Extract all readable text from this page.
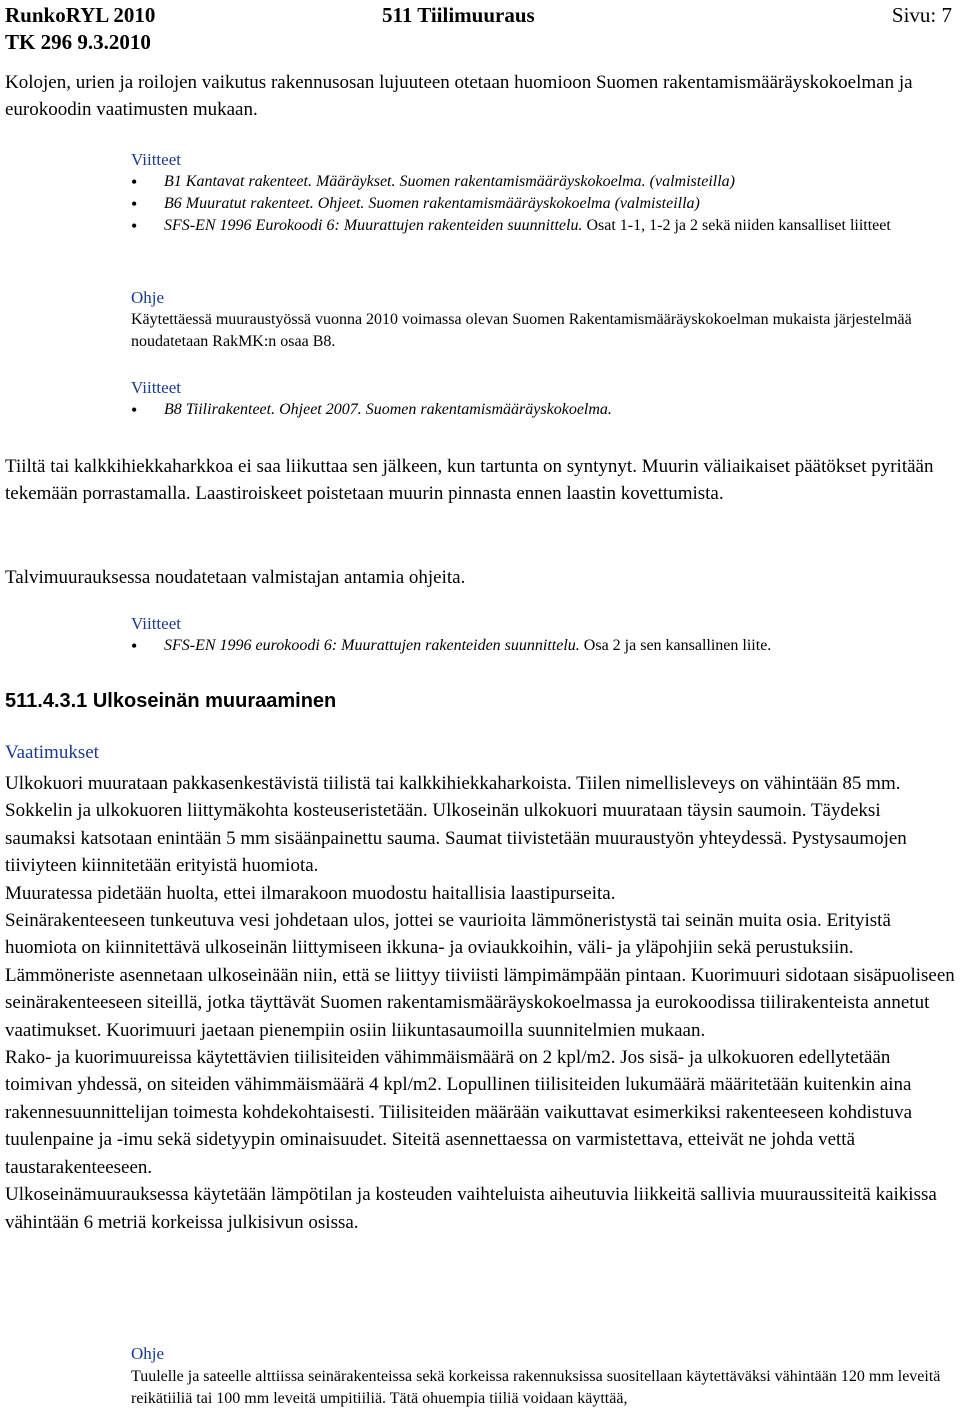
RunkoRYL 2010	511 Tiilimuuraus	Sivu: 7
TK 296 9.3.2010
Kolojen, urien ja roilojen vaikutus rakennusosan lujuuteen otetaan huomioon Suomen rakentamismääräyskokoelman ja eurokoodin vaatimusten mukaan.
Viitteet
• B1 Kantavat rakenteet. Määräykset. Suomen rakentamismääräyskokoelma. (valmisteilla)
• B6 Muuratut rakenteet. Ohjeet. Suomen rakentamismääräyskokoelma (valmisteilla)
• SFS-EN 1996 Eurokoodi 6: Muurattujen rakenteiden suunnittelu. Osat 1-1, 1-2 ja 2 sekä niiden kansalliset liitteet
Ohje
Käytettäessä muuraustyössä vuonna 2010 voimassa olevan Suomen Rakentamismääräyskokoelman mukaista järjestelmää noudatetaan RakMK:n osaa B8.
Viitteet
• B8 Tiilirakenteet. Ohjeet 2007. Suomen rakentamismääräyskokoelma.
Tiiltä tai kalkkihiekkaharkkoa ei saa liikuttaa sen jälkeen, kun tartunta on syntynyt. Muurin väliaikaiset päätökset pyritään tekemään porrastamalla. Laastiroiskeet poistetaan muurin pinnasta ennen laastin kovettumista.
Talvimuurauksessa noudatetaan valmistajan antamia ohjeita.
Viitteet
• SFS-EN 1996 eurokoodi 6: Muurattujen rakenteiden suunnittelu. Osa 2 ja sen kansallinen liite.
511.4.3.1 Ulkoseinän muuraaminen
Vaatimukset

Ulkokuori muurataan pakkasenkestävistä tiilistä tai kalkkihiekkaharkoista. Tiilen nimellisleveys on vähintään 85 mm.

Sokkelin ja ulkokuoren liittymäkohta kosteuseristetään. Ulkoseinän ulkokuori muurataan täysin saumoin. Täydeksi saumaksi katsotaan enintään 5 mm sisäänpainettu sauma. Saumat tiivistetään muuraustyön yhteydessä. Pystysaumojen tiiviyteen kiinnitetään erityistä huomiota.

Muuratessa pidetään huolta, ettei ilmarakoon muodostu haitallisia laastipurseita.

Seinärakenteeseen tunkeutuva vesi johdetaan ulos, jottei se vaurioita lämmöneristystä tai seinän muita osia. Erityistä huomiota on kiinnitettävä ulkoseinän liittymiseen ikkuna- ja oviaukkoihin, väli- ja yläpohjiin sekä perustuksiin. Lämmöneriste asennetaan ulkoseinään niin, että se liittyy tiiviisti lämpimämpään pintaan. Kuorimuuri sidotaan sisäpuoliseen seinärakenteeseen siteillä, jotka täyttävät Suomen rakentamismääräyskokoelmassa ja eurokoodissa tiilirakenteista annetut vaatimukset. Kuorimuuri jaetaan pienempiin osiin liikuntasaumoilla suunnitelmien mukaan.

Rako- ja kuorimuureissa käytettävien tiilisiteiden vähimmäismäärä on 2 kpl/m2. Jos sisä- ja ulkokuoren edellytetään toimivan yhdessä, on siteiden vähimmäismäärä 4 kpl/m2. Lopullinen tiilisiteiden lukumäärä määritetään kuitenkin aina rakennesuunnittelijan toimesta kohdekohtaisesti. Tiilisiteiden määrään vaikuttavat esimerkiksi rakenteeseen kohdistuva tuulenpaine ja -imu sekä sidetyypin ominaisuudet. Siteitä asennettaessa on varmistettava, etteivät ne johda vettä taustarakenteeseen.

Ulkoseinämuurauksessa käytetään lämpötilan ja kosteuden vaihteluista aiheutuvia liikkeitä sallivia muuraussiteitä kaikissa vähintään 6 metriä korkeissa julkisivun osissa.

Ohje
Tuulelle ja sateelle alttiissa seinärakenteissa sekä korkeissa rakennuksissa suositellaan käytettäväksi vähintään 120 mm leveitä reikätiiliä tai 100 mm leveitä umpitiiliä. Tätä ohuempia tiiliä voidaan käyttää,
